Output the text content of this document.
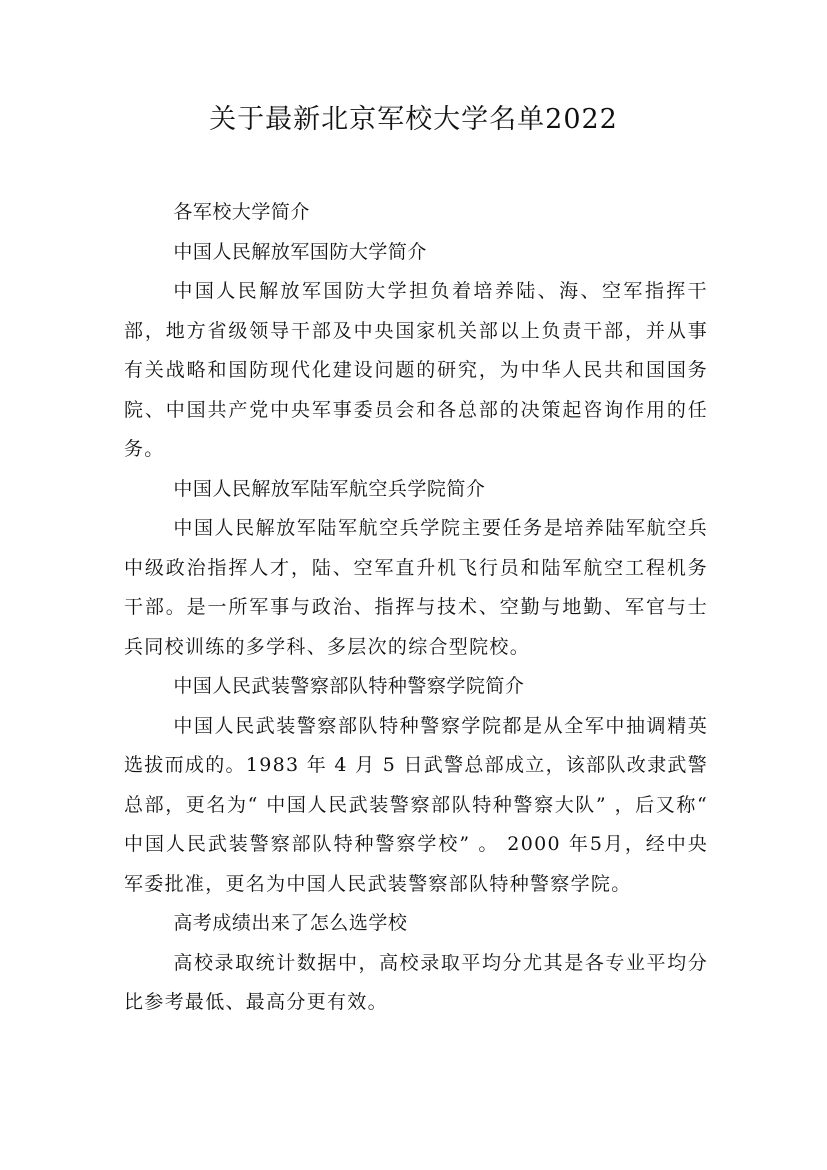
关于最新北京军校大学名单2022

各军校大学简介

中国人民解放军国防大学简介

中国人民解放军国防大学担负着培养陆、海、空军指挥干部，地方省级领导干部及中央国家机关部以上负责干部，并从事有关战略和国防现代化建设问题的研究，为中华人民共和国国务院、中国共产党中央军事委员会和各总部的决策起咨询作用的任务。

中国人民解放军陆军航空兵学院简介

中国人民解放军陆军航空兵学院主要任务是培养陆军航空兵中级政治指挥人才，陆、空军直升机飞行员和陆军航空工程机务干部。是一所军事与政治、指挥与技术、空勤与地勤、军官与士兵同校训练的多学科、多层次的综合型院校。

中国人民武装警察部队特种警察学院简介

中国人民武装警察部队特种警察学院都是从全军中抽调精英选拔而成的。1983 年 4 月 5 日武警总部成立，该部队改隶武警总部，更名为“ 中国人民武装警察部队特种警察大队” ，后又称“ 中国人民武装警察部队特种警察学校” 。 2000 年5月，经中央军委批准，更名为中国人民武装警察部队特种警察学院。

高考成绩出来了怎么选学校

高校录取统计数据中，高校录取平均分尤其是各专业平均分比参考最低、最高分更有效。
